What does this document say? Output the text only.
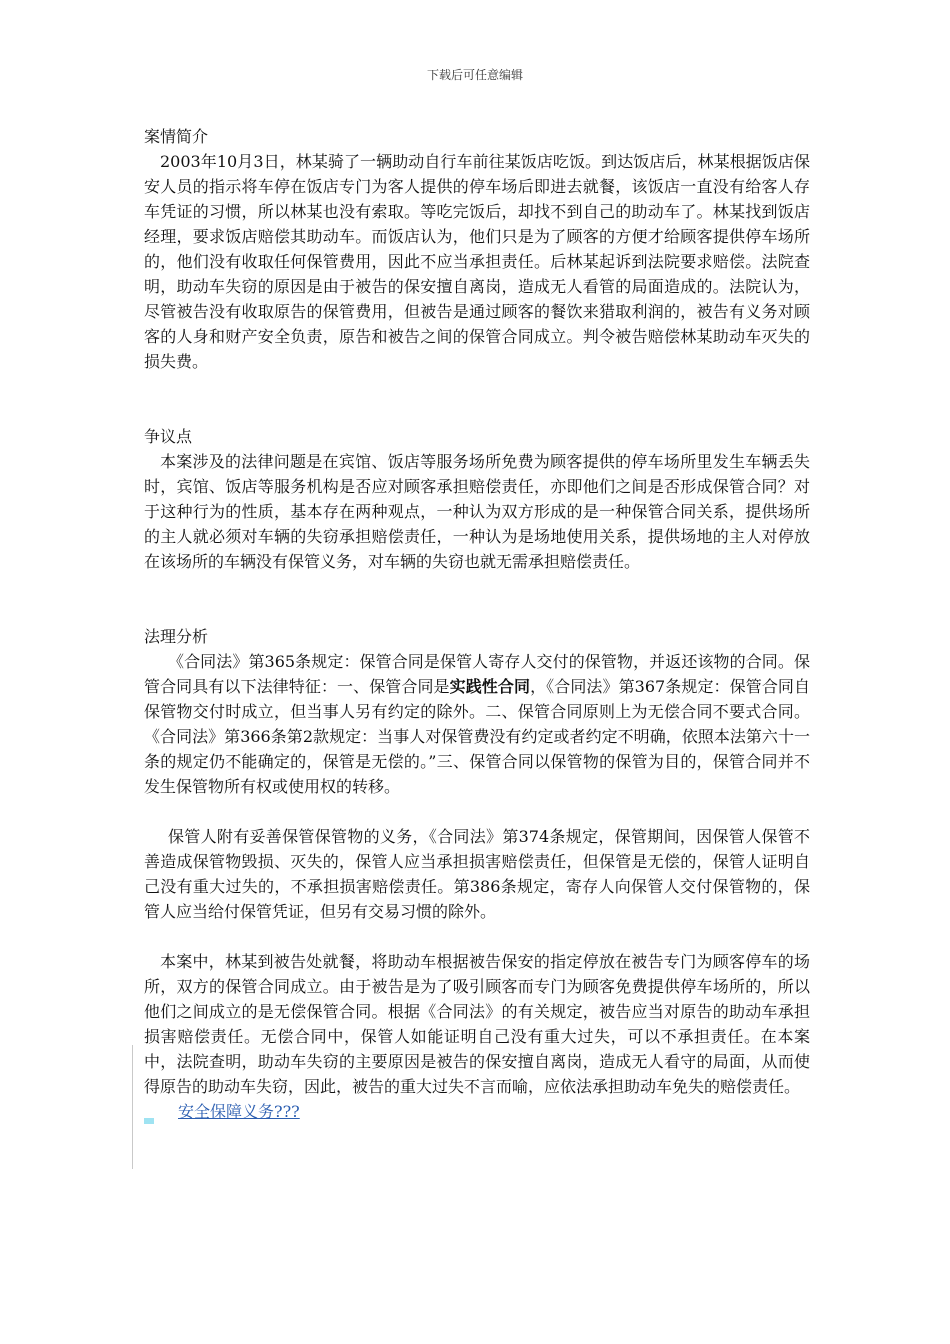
下载后可任意编辑
案情简介

2003年10月3日，林某骑了一辆助动自行车前往某饭店吃饭。到达饭店后，林某根据饭店保安人员的指示将车停在饭店专门为客人提供的停车场后即进去就餐，该饭店一直没有给客人存车凭证的习惯，所以林某也没有索取。等吃完饭后，却找不到自己的助动车了。林某找到饭店经理，要求饭店赔偿其助动车。而饭店认为，他们只是为了顾客的方便才给顾客提供停车场所的，他们没有收取任何保管费用，因此不应当承担责任。后林某起诉到法院要求赔偿。法院查明，助动车失窃的原因是由于被告的保安擅自离岗，造成无人看管的局面造成的。法院认为，尽管被告没有收取原告的保管费用，但被告是通过顾客的餐饮来猎取利润的，被告有义务对顾客的人身和财产安全负责，原告和被告之间的保管合同成立。判令被告赔偿林某助动车灭失的损失费。

争议点

本案涉及的法律问题是在宾馆、饭店等服务场所免费为顾客提供的停车场所里发生车辆丢失时，宾馆、饭店等服务机构是否应对顾客承担赔偿责任，亦即他们之间是否形成保管合同？对于这种行为的性质，基本存在两种观点，一种认为双方形成的是一种保管合同关系，提供场所的主人就必须对车辆的失窃承担赔偿责任，一种认为是场地使用关系，提供场地的主人对停放在该场所的车辆没有保管义务，对车辆的失窃也就无需承担赔偿责任。

法理分析

《合同法》第365条规定：保管合同是保管人寄存人交付的保管物，并返还该物的合同。保管合同具有以下法律特征：一、保管合同是实践性合同，《合同法》第367条规定：保管合同自保管物交付时成立，但当事人另有约定的除外。二、保管合同原则上为无偿合同不要式合同。《合同法》第366条第2款规定：当事人对保管费没有约定或者约定不明确，依照本法第六十一条的规定仍不能确定的，保管是无偿的。”三、保管合同以保管物的保管为目的，保管合同并不发生保管物所有权或使用权的转移。

保管人附有妥善保管保管物的义务，《合同法》第374条规定，保管期间，因保管人保管不善造成保管物毁损、灭失的，保管人应当承担损害赔偿责任，但保管是无偿的，保管人证明自己没有重大过失的，不承担损害赔偿责任。第386条规定，寄存人向保管人交付保管物的，保管人应当给付保管凭证，但另有交易习惯的除外。

本案中，林某到被告处就餐，将助动车根据被告保安的指定停放在被告专门为顾客停车的场所，双方的保管合同成立。由于被告是为了吸引顾客而专门为顾客免费提供停车场所的，所以他们之间成立的是无偿保管合同。根据《合同法》的有关规定，被告应当对原告的助动车承担损害赔偿责任。无偿合同中，保管人如能证明自己没有重大过失，可以不承担责任。在本案中，法院查明，助动车失窃的主要原因是被告的保安擅自离岗，造成无人看守的局面，从而使得原告的助动车失窃，因此，被告的重大过失不言而喻，应依法承担助动车免失的赔偿责任。

安全保障义务???
